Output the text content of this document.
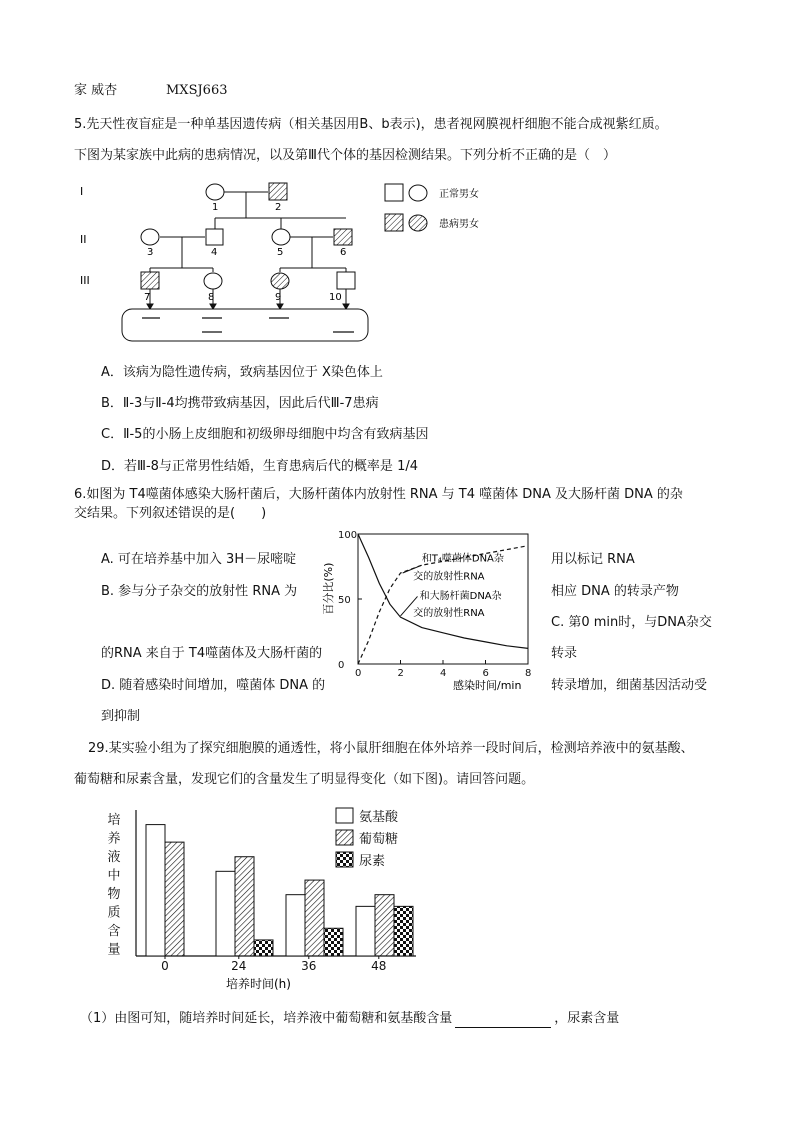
家 威杏	MXSJ663
5.先天性夜盲症是一种单基因遗传病（相关基因用B、b表示)，患者视网膜视杆细胞不能合成视紫红质。
下图为某家族中此病的患病情况，以及第Ⅲ代个体的基因检测结果。下列分析不正确的是（　）
I
II
III
1	2
3	4	5	6
7	8	9	10
正常男女
患病男女
A．该病为隐性遗传病，致病基因位于 X染色体上
B．Ⅱ-3与Ⅱ-4均携带致病基因，因此后代Ⅲ-7患病
C．Ⅱ-5的小肠上皮细胞和初级卵母细胞中均含有致病基因
D．若Ⅲ-8与正常男性结婚，生育患病后代的概率是 1/4
6.如图为 T4噬菌体感染大肠杆菌后，大肠杆菌体内放射性 RNA 与 T4 噬菌体 DNA 及大肠杆菌 DNA 的杂
交结果。下列叙述错误的是(　　)
A. 可在培养基中加入 3H－尿嘧啶	用以标记 RNA
B. 参与分子杂交的放射性 RNA 为	相应 DNA 的转录产物
C. 第0 min时，与DNA杂交
的RNA 来自于 T4噬菌体及大肠杆菌的	转录
D. 随着感染时间增加，噬菌体 DNA 的	转录增加，细菌基因活动受
到抑制
0	2	4	6	8
0
50
100
百分比(%)
感染时间/min
和T₄噬菌体DNA杂
交的放射性RNA
和大肠杆菌DNA杂
交的放射性RNA
29.某实验小组为了探究细胞膜的通透性，将小鼠肝细胞在体外培养一段时间后，检测培养液中的氨基酸、
葡萄糖和尿素含量，发现它们的含量发生了明显得变化（如下图)。请回答问题。
培
养
液
中
物
质
含
量
0	24	36	48
氨基酸
葡萄糖
尿素
培养时间(h)
（1）由图可知，随培养时间延长，培养液中葡萄糖和氨基酸含量	，尿素含量
